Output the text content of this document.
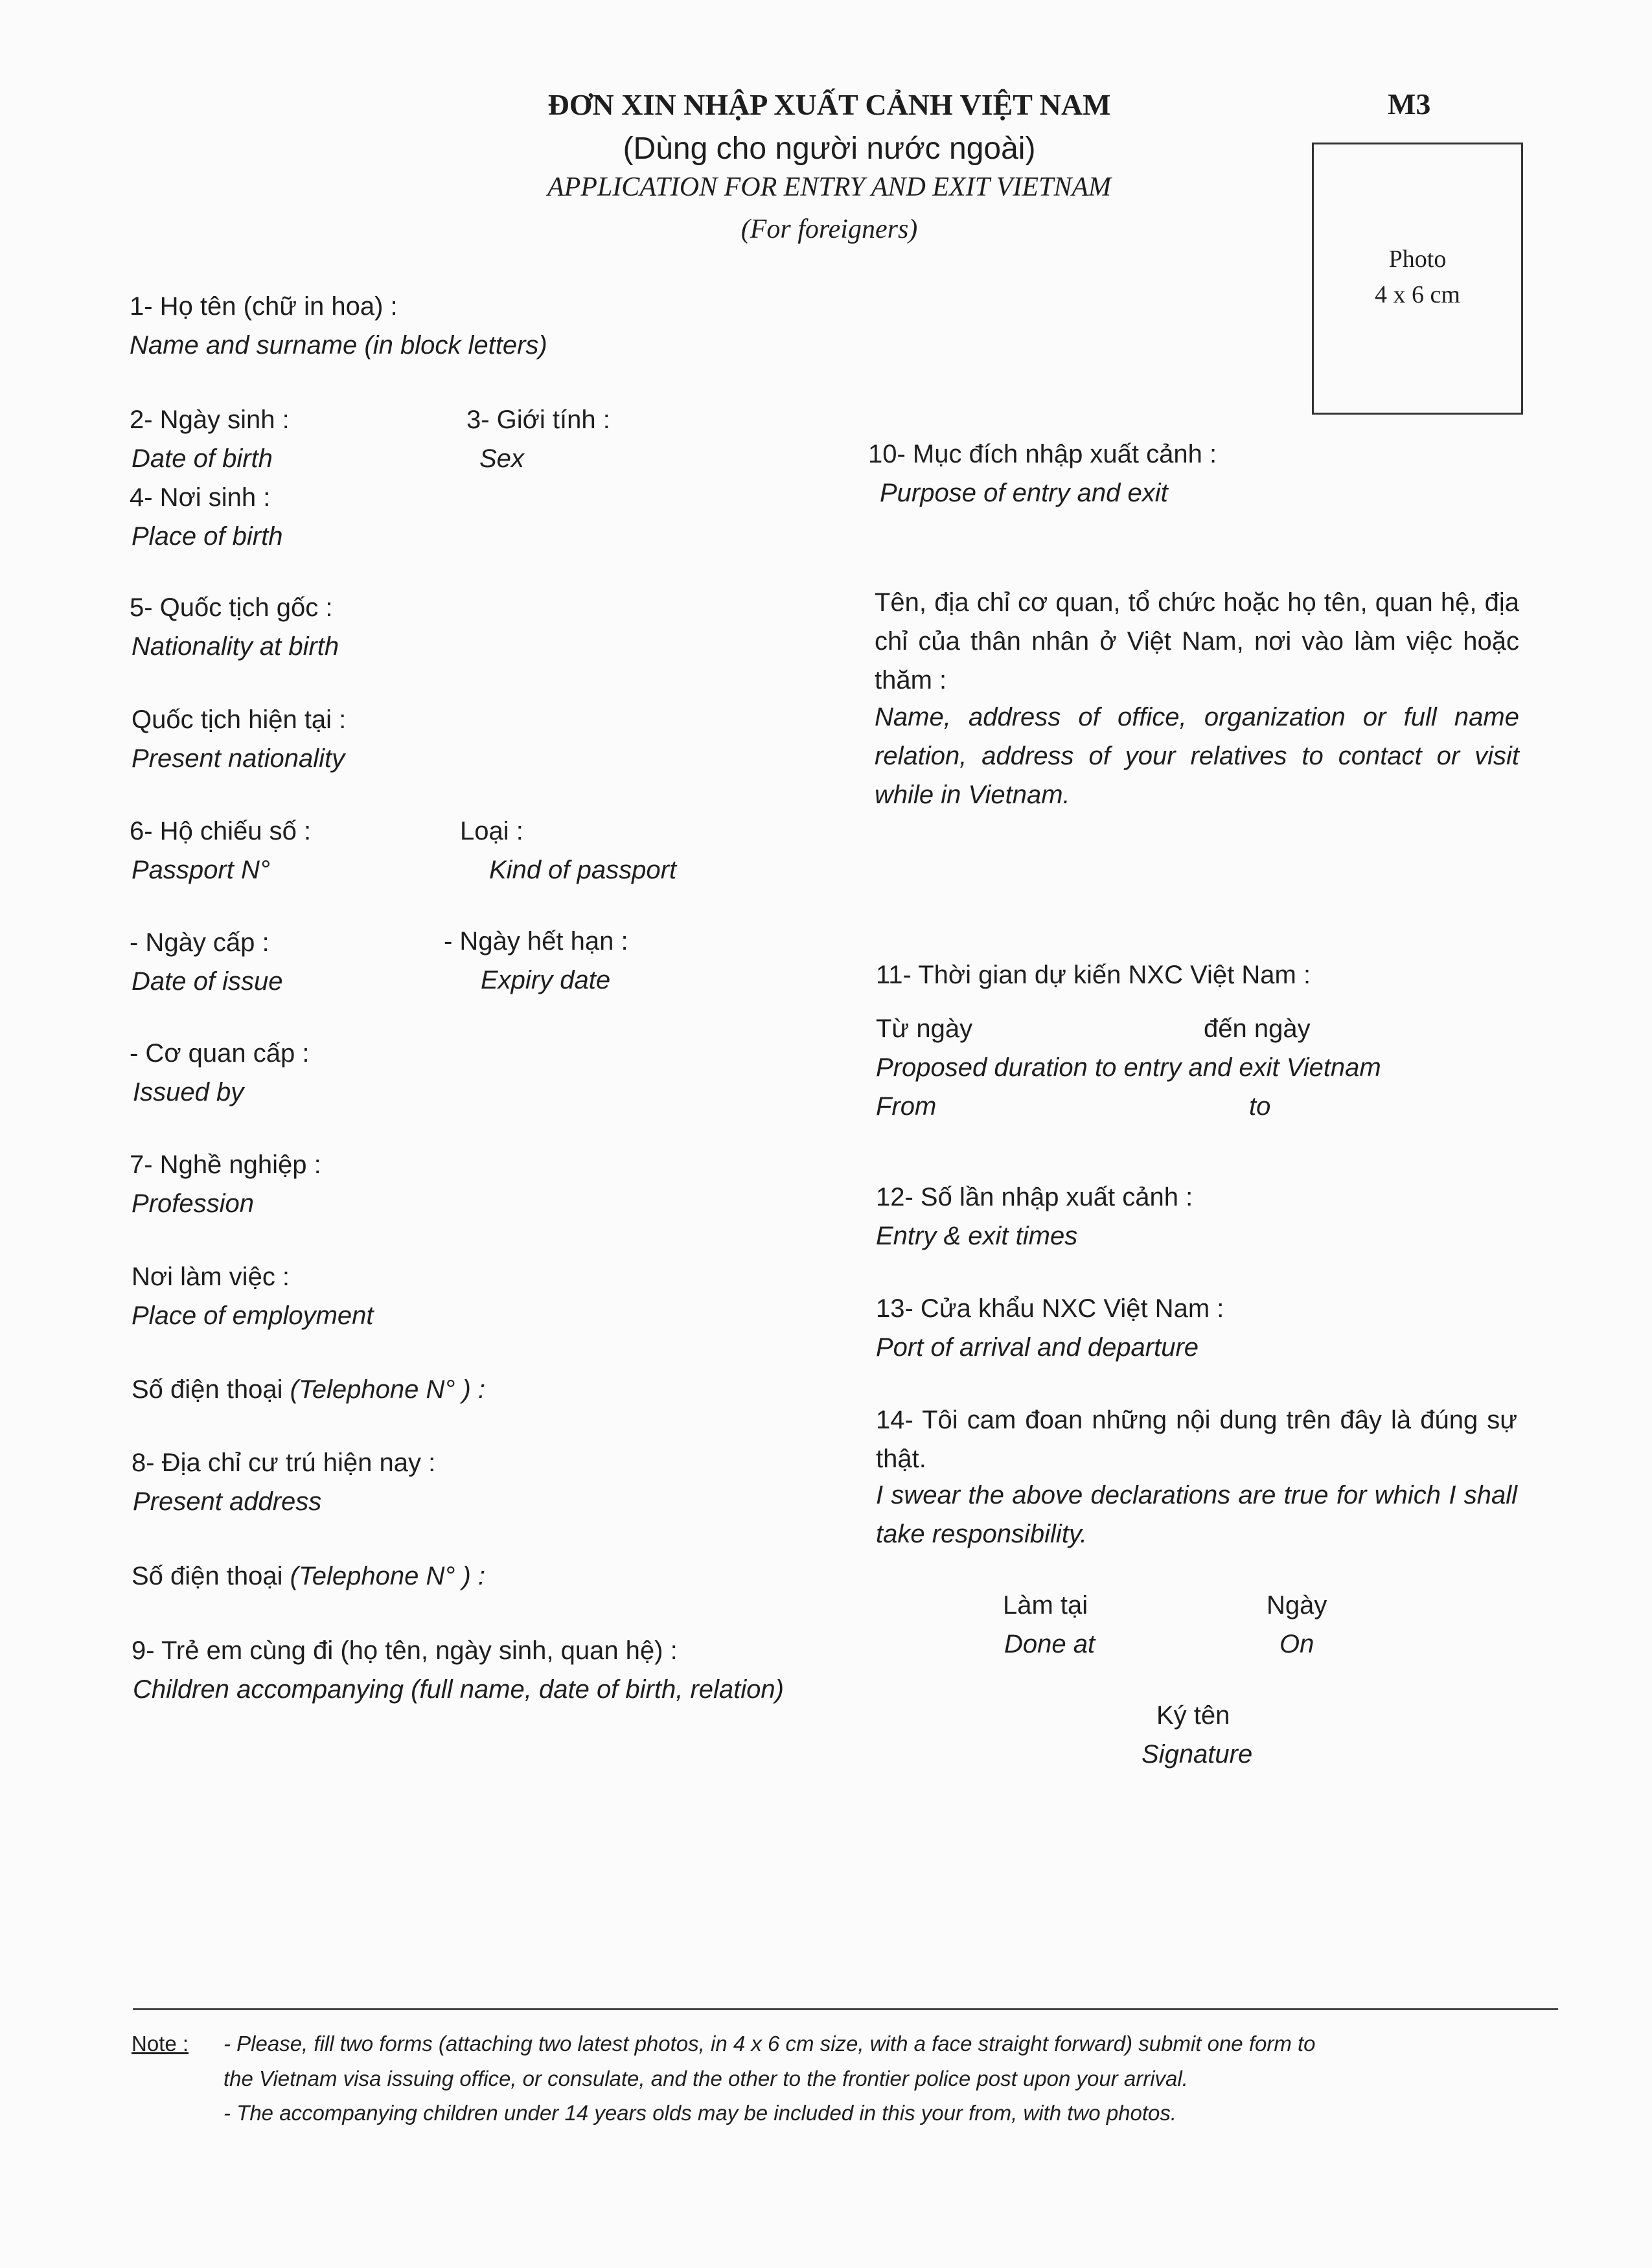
ĐƠN XIN NHẬP XUẤT CẢNH VIỆT NAM
(Dùng cho người nước ngoài)
APPLICATION FOR ENTRY AND EXIT VIETNAM
(For foreigners)
M3
Photo
4 x 6 cm
1- Họ tên (chữ in hoa) :
Name and surname (in block letters)
2- Ngày sinh :
Date of birth
3- Giới tính :
Sex
4- Nơi sinh :
Place of birth
5- Quốc tịch gốc :
Nationality at birth
Quốc tịch hiện tại :
Present nationality
6- Hộ chiếu số :
Passport N°
Loại :
Kind of passport
- Ngày cấp :
Date of issue
- Ngày hết hạn :
Expiry date
- Cơ quan cấp :
Issued by
7- Nghề nghiệp :
Profession
Nơi làm việc :
Place of employment
Số điện thoại (Telephone N° ) :
8- Địa chỉ cư trú hiện nay :
Present address
Số điện thoại (Telephone N° ) :
9- Trẻ em cùng đi (họ tên, ngày sinh, quan hệ) :
Children accompanying (full name, date of birth, relation)
10- Mục đích nhập xuất cảnh :
Purpose of entry and exit
Tên, địa chỉ cơ quan, tổ chức hoặc họ tên, quan hệ, địa chỉ của thân nhân ở Việt Nam, nơi vào làm việc hoặc thăm :
Name, address of office, organization or full name relation, address of your relatives to contact or visit while in Vietnam.
11- Thời gian dự kiến NXC Việt Nam :
Từ ngày	đến ngày
Proposed duration to entry and exit Vietnam
From	to
12- Số lần nhập xuất cảnh :
Entry & exit times
13- Cửa khẩu NXC Việt Nam :
Port of arrival and departure
14- Tôi cam đoan những nội dung trên đây là đúng sự thật.
I swear the above declarations are true for which I shall take responsibility.
Làm tại
Done at
Ngày
On
Ký tên
Signature
Note : - Please, fill two forms (attaching two latest photos, in 4 x 6 cm size, with a face straight forward) submit one form to
the Vietnam visa issuing office, or consulate, and the other to the frontier police post upon your arrival.
- The accompanying children under 14 years olds may be included in this your from, with two photos.
